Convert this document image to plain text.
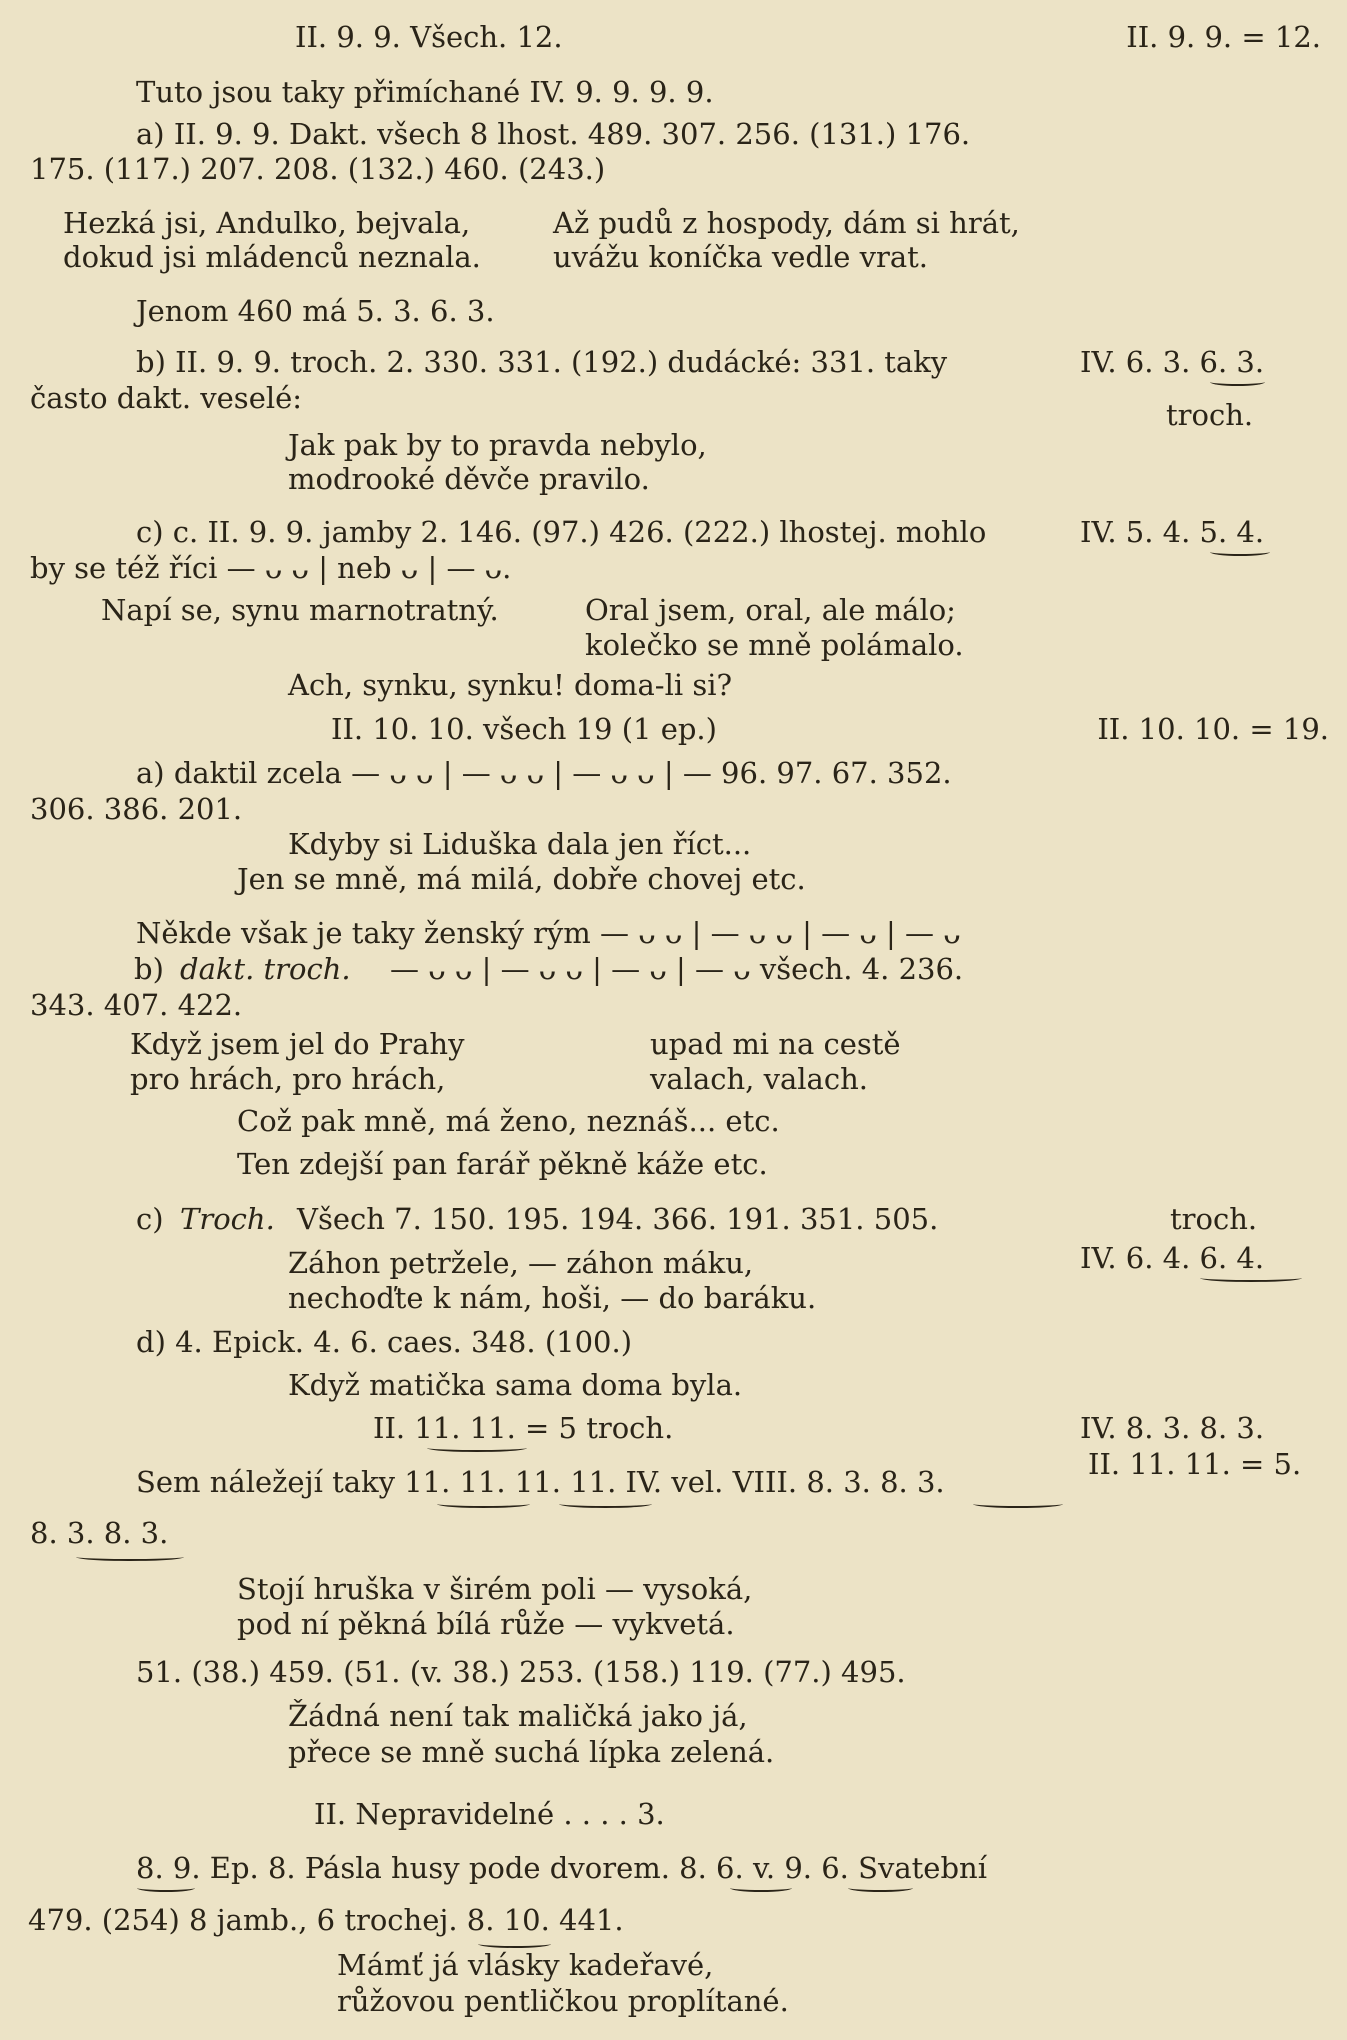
II. 9. 9. Všech. 12.	II. 9. 9. = 12.
Tuto jsou taky přimíchané IV. 9. 9. 9. 9.
a) II. 9. 9. Dakt. všech 8 lhost. 489. 307. 256. (131.) 176.
175. (117.) 207. 208. (132.) 460. (243.)
Hezká jsi, Andulko, bejvala,	Až pudů z hospody, dám si hrát,
dokud jsi mládenců neznala. uvážu koníčka vedle vrat.
Jenom 460 má 5. 3. 6. 3.
b) II. 9. 9. troch. 2. 330. 331. (192.) dudácké: 331. taky	IV. 6. 3. 6. 3.
často dakt. veselé:	troch.
Jak pak by to pravda nebylo,
modrooké děvče pravilo.
c) c. II. 9. 9. jamby 2. 146. (97.) 426. (222.) lhostej. mohlo	IV. 5. 4. 5. 4.
by se též říci — ᴗ ᴗ | neb ᴗ | — ᴗ.
Napí se, synu marnotratný.	Oral jsem, oral, ale málo;
kolečko se mně polámalo.
Ach, synku, synku! doma-li si?
II. 10. 10. všech 19 (1 ep.)	II. 10. 10. = 19.
a) daktil zcela — ᴗ ᴗ | — ᴗ ᴗ | — ᴗ ᴗ | — 96. 97. 67. 352.
306. 386. 201.
Kdyby si Liduška dala jen říct...
Jen se mně, má milá, dobře chovej etc.
Někde však je taky ženský rým — ᴗ ᴗ | — ᴗ ᴗ | — ᴗ | — ᴗ
b) dakt. troch. — ᴗ ᴗ | — ᴗ ᴗ | — ᴗ | — ᴗ všech. 4. 236.
343. 407. 422.
Když jsem jel do Prahy	upad mi na cestě
pro hrách, pro hrách,	valach, valach.
Což pak mně, má ženo, neznáš... etc.
Ten zdejší pan farář pěkně káže etc.
c) Troch. Všech 7. 150. 195. 194. 366. 191. 351. 505.	troch.
IV. 6. 4. 6. 4.
Záhon petržele, — záhon máku,
nechoďte k nám, hoši, — do baráku.
d) 4. Epick. 4. 6. caes. 348. (100.)
Když matička sama doma byla.
II. 11. 11. = 5 troch.	IV. 8. 3. 8. 3.
II. 11. 11. = 5.
Sem náležejí taky 11. 11. 11. 11. IV. vel. VIII. 8. 3. 8. 3.
8. 3. 8. 3.
Stojí hruška v širém poli — vysoká,
pod ní pěkná bílá růže — vykvetá.
51. (38.) 459. (51. (v. 38.) 253. (158.) 119. (77.) 495.
Žádná není tak maličká jako já,
přece se mně suchá lípka zelená.
II. Nepravidelné . . . . 3.
8. 9. Ep. 8. Pásla husy pode dvorem. 8. 6. v. 9. 6. Svatební
479. (254) 8 jamb., 6 trochej. 8. 10. 441.
Mámť já vlásky kadeřavé,
růžovou pentličkou proplítané.
